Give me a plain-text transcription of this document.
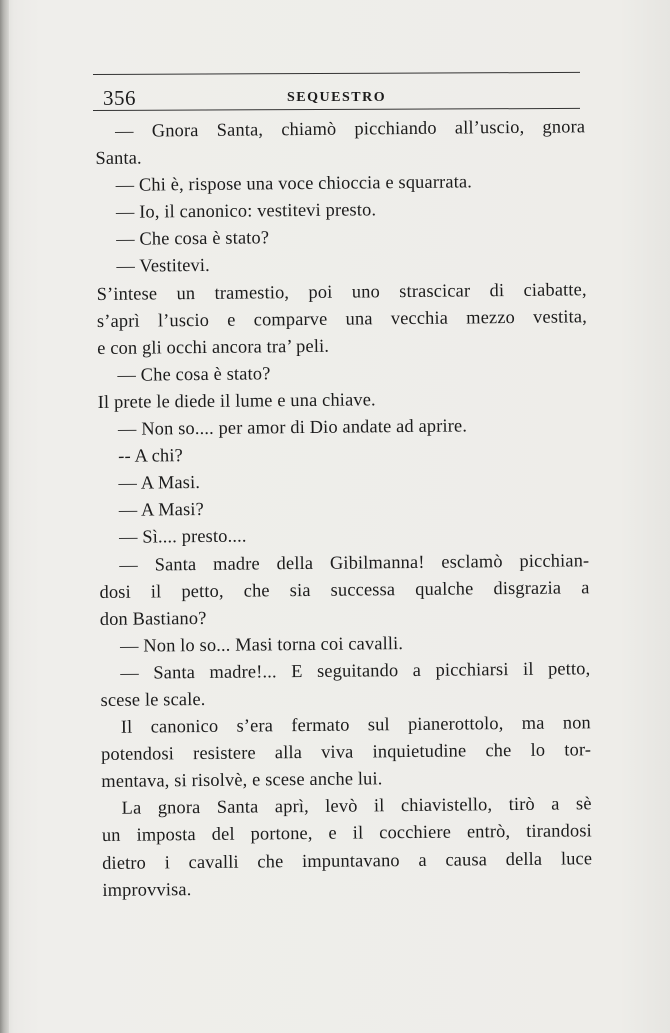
356	SEQUESTRO
— Gnora Santa, chiamò picchiando all’uscio, gnora
Santa.
— Chi è, rispose una voce chioccia e squarrata.
— Io, il canonico: vestitevi presto.
— Che cosa è stato?
— Vestitevi.
S’intese un tramestio, poi uno strascicar di ciabatte,
s’aprì l’uscio e comparve una vecchia mezzo vestita,
e con gli occhi ancora tra’ peli.
— Che cosa è stato?
Il prete le diede il lume e una chiave.
— Non so.... per amor di Dio andate ad aprire.
-- A chi?
— A Masi.
— A Masi?
— Sì.... presto....
— Santa madre della Gibilmanna! esclamò picchian-
dosi il petto, che sia successa qualche disgrazia a
don Bastiano?
— Non lo so... Masi torna coi cavalli.
— Santa madre!... E seguitando a picchiarsi il petto,
scese le scale.
Il canonico s’era fermato sul pianerottolo, ma non
potendosi resistere alla viva inquietudine che lo tor-
mentava, si risolvè, e scese anche lui.
La gnora Santa aprì, levò il chiavistello, tirò a sè
un imposta del portone, e il cocchiere entrò, tirandosi
dietro i cavalli che impuntavano a causa della luce
improvvisa.
